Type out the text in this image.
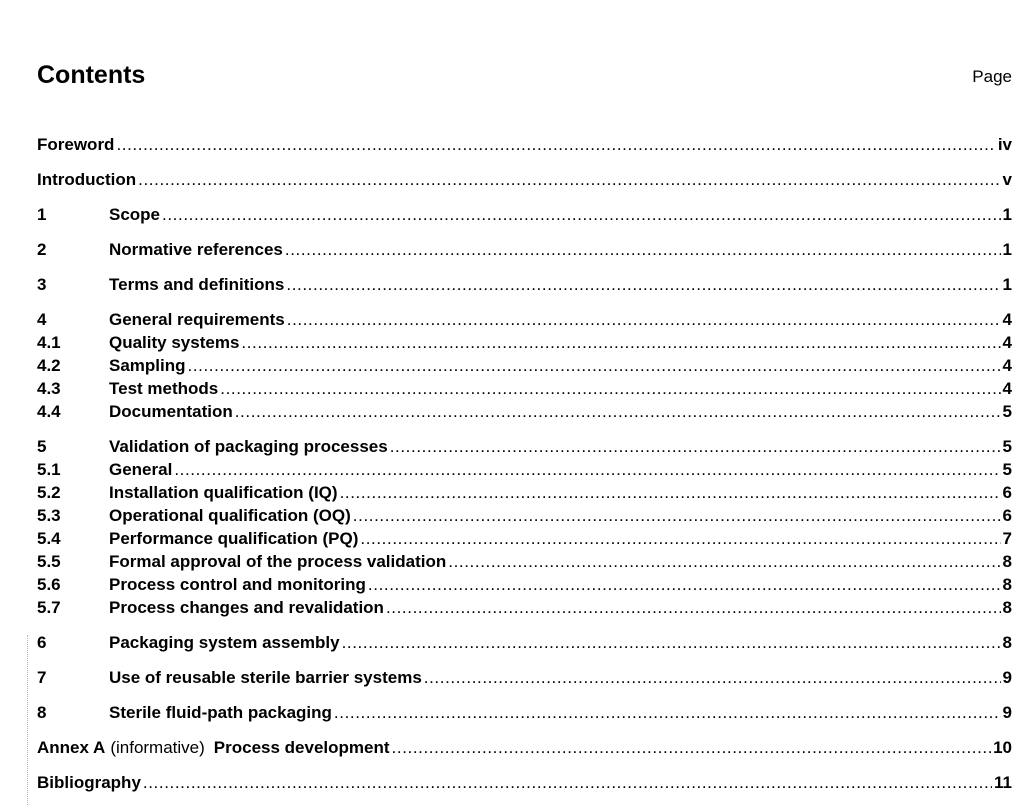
Contents	Page
Foreword .....	iv
Introduction .....	v
1	Scope .....	1
2	Normative references .....	1
3	Terms and definitions .....	1
4	General requirements .....	4
4.1	Quality systems .....	4
4.2	Sampling .....	4
4.3	Test methods .....	4
4.4	Documentation .....	5
5	Validation of packaging processes .....	5
5.1	General .....	5
5.2	Installation qualification (IQ) .....	6
5.3	Operational qualification (OQ) .....	6
5.4	Performance qualification (PQ) .....	7
5.5	Formal approval of the process validation .....	8
5.6	Process control and monitoring .....	8
5.7	Process changes and revalidation .....	8
6	Packaging system assembly .....	8
7	Use of reusable sterile barrier systems .....	9
8	Sterile fluid-path packaging .....	9
Annex A (informative) Process development .....	10
Bibliography .....	11
